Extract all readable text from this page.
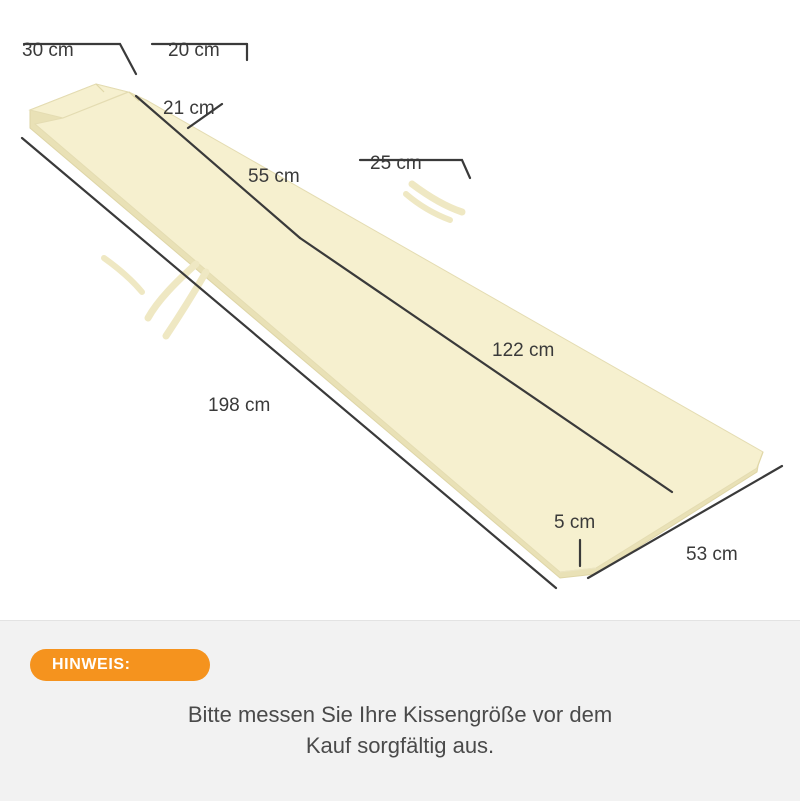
30 cm	20 cm
21 cm
55 cm
25 cm
122 cm
198 cm
5 cm
53 cm
HINWEIS:
Bitte messen Sie Ihre Kissengröße vor dem
Kauf sorgfältig aus.
